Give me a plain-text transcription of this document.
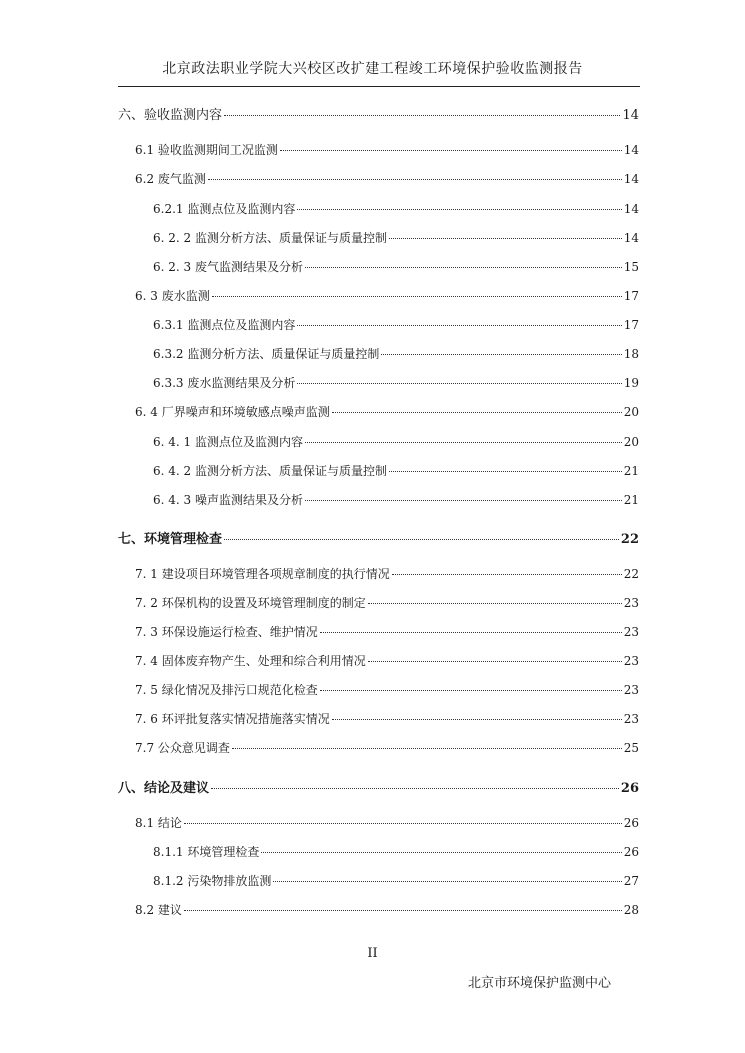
北京政法职业学院大兴校区改扩建工程竣工环境保护验收监测报告
六、验收监测内容	14
6.1 验收监测期间工况监测	14
6.2 废气监测	14
6.2.1 监测点位及监测内容	14
6. 2. 2 监测分析方法、质量保证与质量控制	14
6. 2. 3 废气监测结果及分析	15
6. 3 废水监测	17
6.3.1 监测点位及监测内容	17
6.3.2 监测分析方法、质量保证与质量控制	18
6.3.3 废水监测结果及分析	19
6. 4 厂界噪声和环境敏感点噪声监测	20
6. 4. 1 监测点位及监测内容	20
6. 4. 2 监测分析方法、质量保证与质量控制	21
6. 4. 3 噪声监测结果及分析	21
七、环境管理检查	22
7. 1 建设项目环境管理各项规章制度的执行情况	22
7. 2 环保机构的设置及环境管理制度的制定	23
7. 3 环保设施运行检查、维护情况	23
7. 4 固体废弃物产生、处理和综合利用情况	23
7. 5 绿化情况及排污口规范化检查	23
7. 6 环评批复落实情况措施落实情况	23
7.7 公众意见调查	25
八、结论及建议	26
8.1 结论	26
8.1.1 环境管理检查	26
8.1.2 污染物排放监测	27
8.2 建议	28
II
北京市环境保护监测中心
